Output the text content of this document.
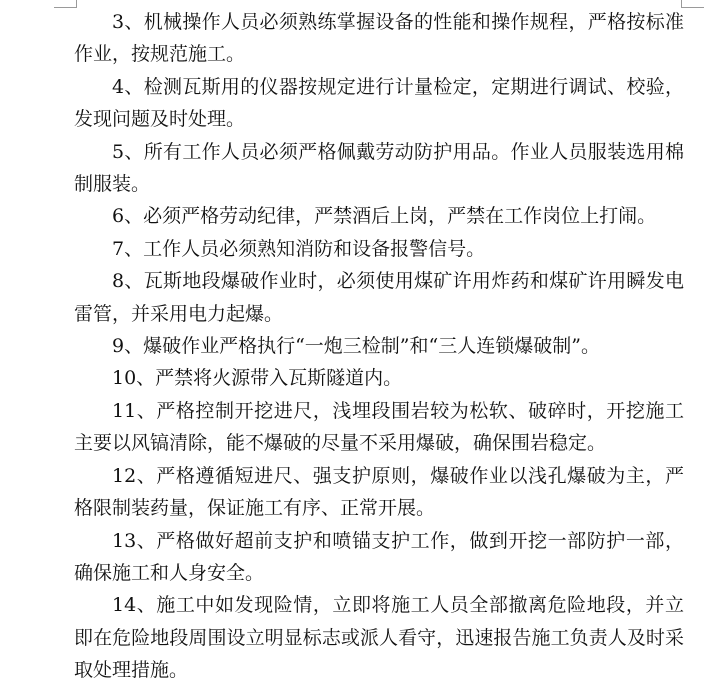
3、机械操作人员必须熟练掌握设备的性能和操作规程，严格按标准作业，按规范施工。

4、检测瓦斯用的仪器按规定进行计量检定，定期进行调试、校验，发现问题及时处理。

5、所有工作人员必须严格佩戴劳动防护用品。作业人员服装选用棉制服装。

6、必须严格劳动纪律，严禁酒后上岗，严禁在工作岗位上打闹。

7、工作人员必须熟知消防和设备报警信号。

8、瓦斯地段爆破作业时，必须使用煤矿许用炸药和煤矿许用瞬发电雷管，并采用电力起爆。

9、爆破作业严格执行“一炮三检制”和“三人连锁爆破制”。

10、严禁将火源带入瓦斯隧道内。

11、严格控制开挖进尺，浅埋段围岩较为松软、破碎时，开挖施工主要以风镐清除，能不爆破的尽量不采用爆破，确保围岩稳定。

12、严格遵循短进尺、强支护原则，爆破作业以浅孔爆破为主，严格限制装药量，保证施工有序、正常开展。

13、严格做好超前支护和喷锚支护工作，做到开挖一部防护一部，确保施工和人身安全。

14、施工中如发现险情，立即将施工人员全部撤离危险地段，并立即在危险地段周围设立明显标志或派人看守，迅速报告施工负责人及时采取处理措施。
